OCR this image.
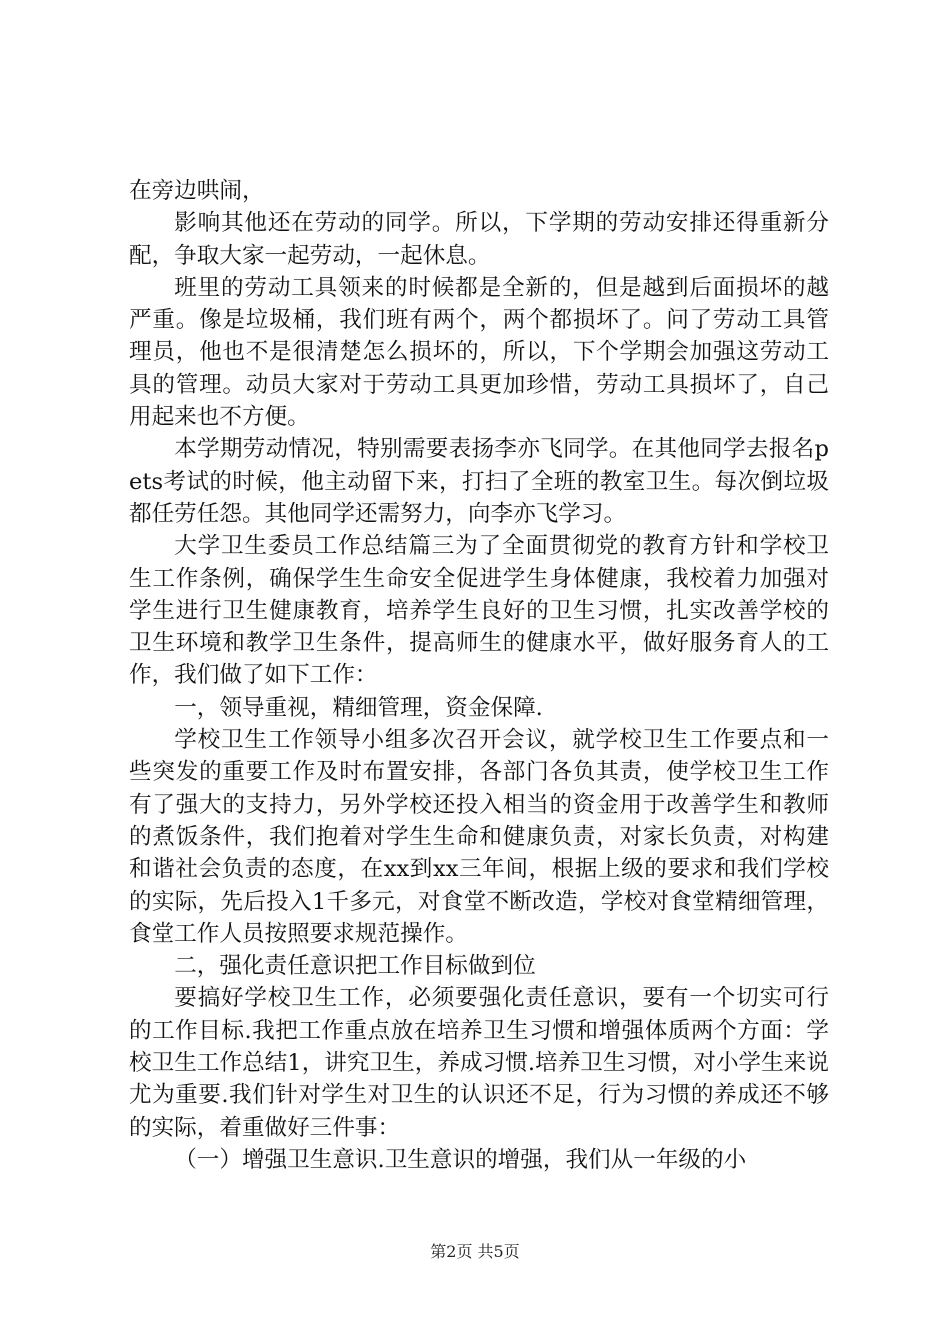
在旁边哄闹，

影响其他还在劳动的同学。所以，下学期的劳动安排还得重新分配，争取大家一起劳动，一起休息。

班里的劳动工具领来的时候都是全新的，但是越到后面损坏的越严重。像是垃圾桶，我们班有两个，两个都损坏了。问了劳动工具管理员，他也不是很清楚怎么损坏的，所以，下个学期会加强这劳动工具的管理。动员大家对于劳动工具更加珍惜，劳动工具损坏了，自己用起来也不方便。

本学期劳动情况，特别需要表扬李亦飞同学。在其他同学去报名pets考试的时候，他主动留下来，打扫了全班的教室卫生。每次倒垃圾都任劳任怨。其他同学还需努力，向李亦飞学习。

大学卫生委员工作总结篇三为了全面贯彻党的教育方针和学校卫生工作条例，确保学生生命安全促进学生身体健康，我校着力加强对学生进行卫生健康教育，培养学生良好的卫生习惯，扎实改善学校的卫生环境和教学卫生条件，提高师生的健康水平，做好服务育人的工作，我们做了如下工作：

一，领导重视，精细管理，资金保障.

学校卫生工作领导小组多次召开会议，就学校卫生工作要点和一些突发的重要工作及时布置安排，各部门各负其责，使学校卫生工作有了强大的支持力，另外学校还投入相当的资金用于改善学生和教师的煮饭条件，我们抱着对学生生命和健康负责，对家长负责，对构建和谐社会负责的态度，在xx到xx三年间，根据上级的要求和我们学校的实际，先后投入1千多元，对食堂不断改造，学校对食堂精细管理，食堂工作人员按照要求规范操作。

二，强化责任意识把工作目标做到位

要搞好学校卫生工作，必须要强化责任意识，要有一个切实可行的工作目标.我把工作重点放在培养卫生习惯和增强体质两个方面：学校卫生工作总结1，讲究卫生，养成习惯.培养卫生习惯，对小学生来说尤为重要.我们针对学生对卫生的认识还不足，行为习惯的养成还不够的实际，着重做好三件事：

（一）增强卫生意识.卫生意识的增强，我们从一年级的小

第2页 共5页
